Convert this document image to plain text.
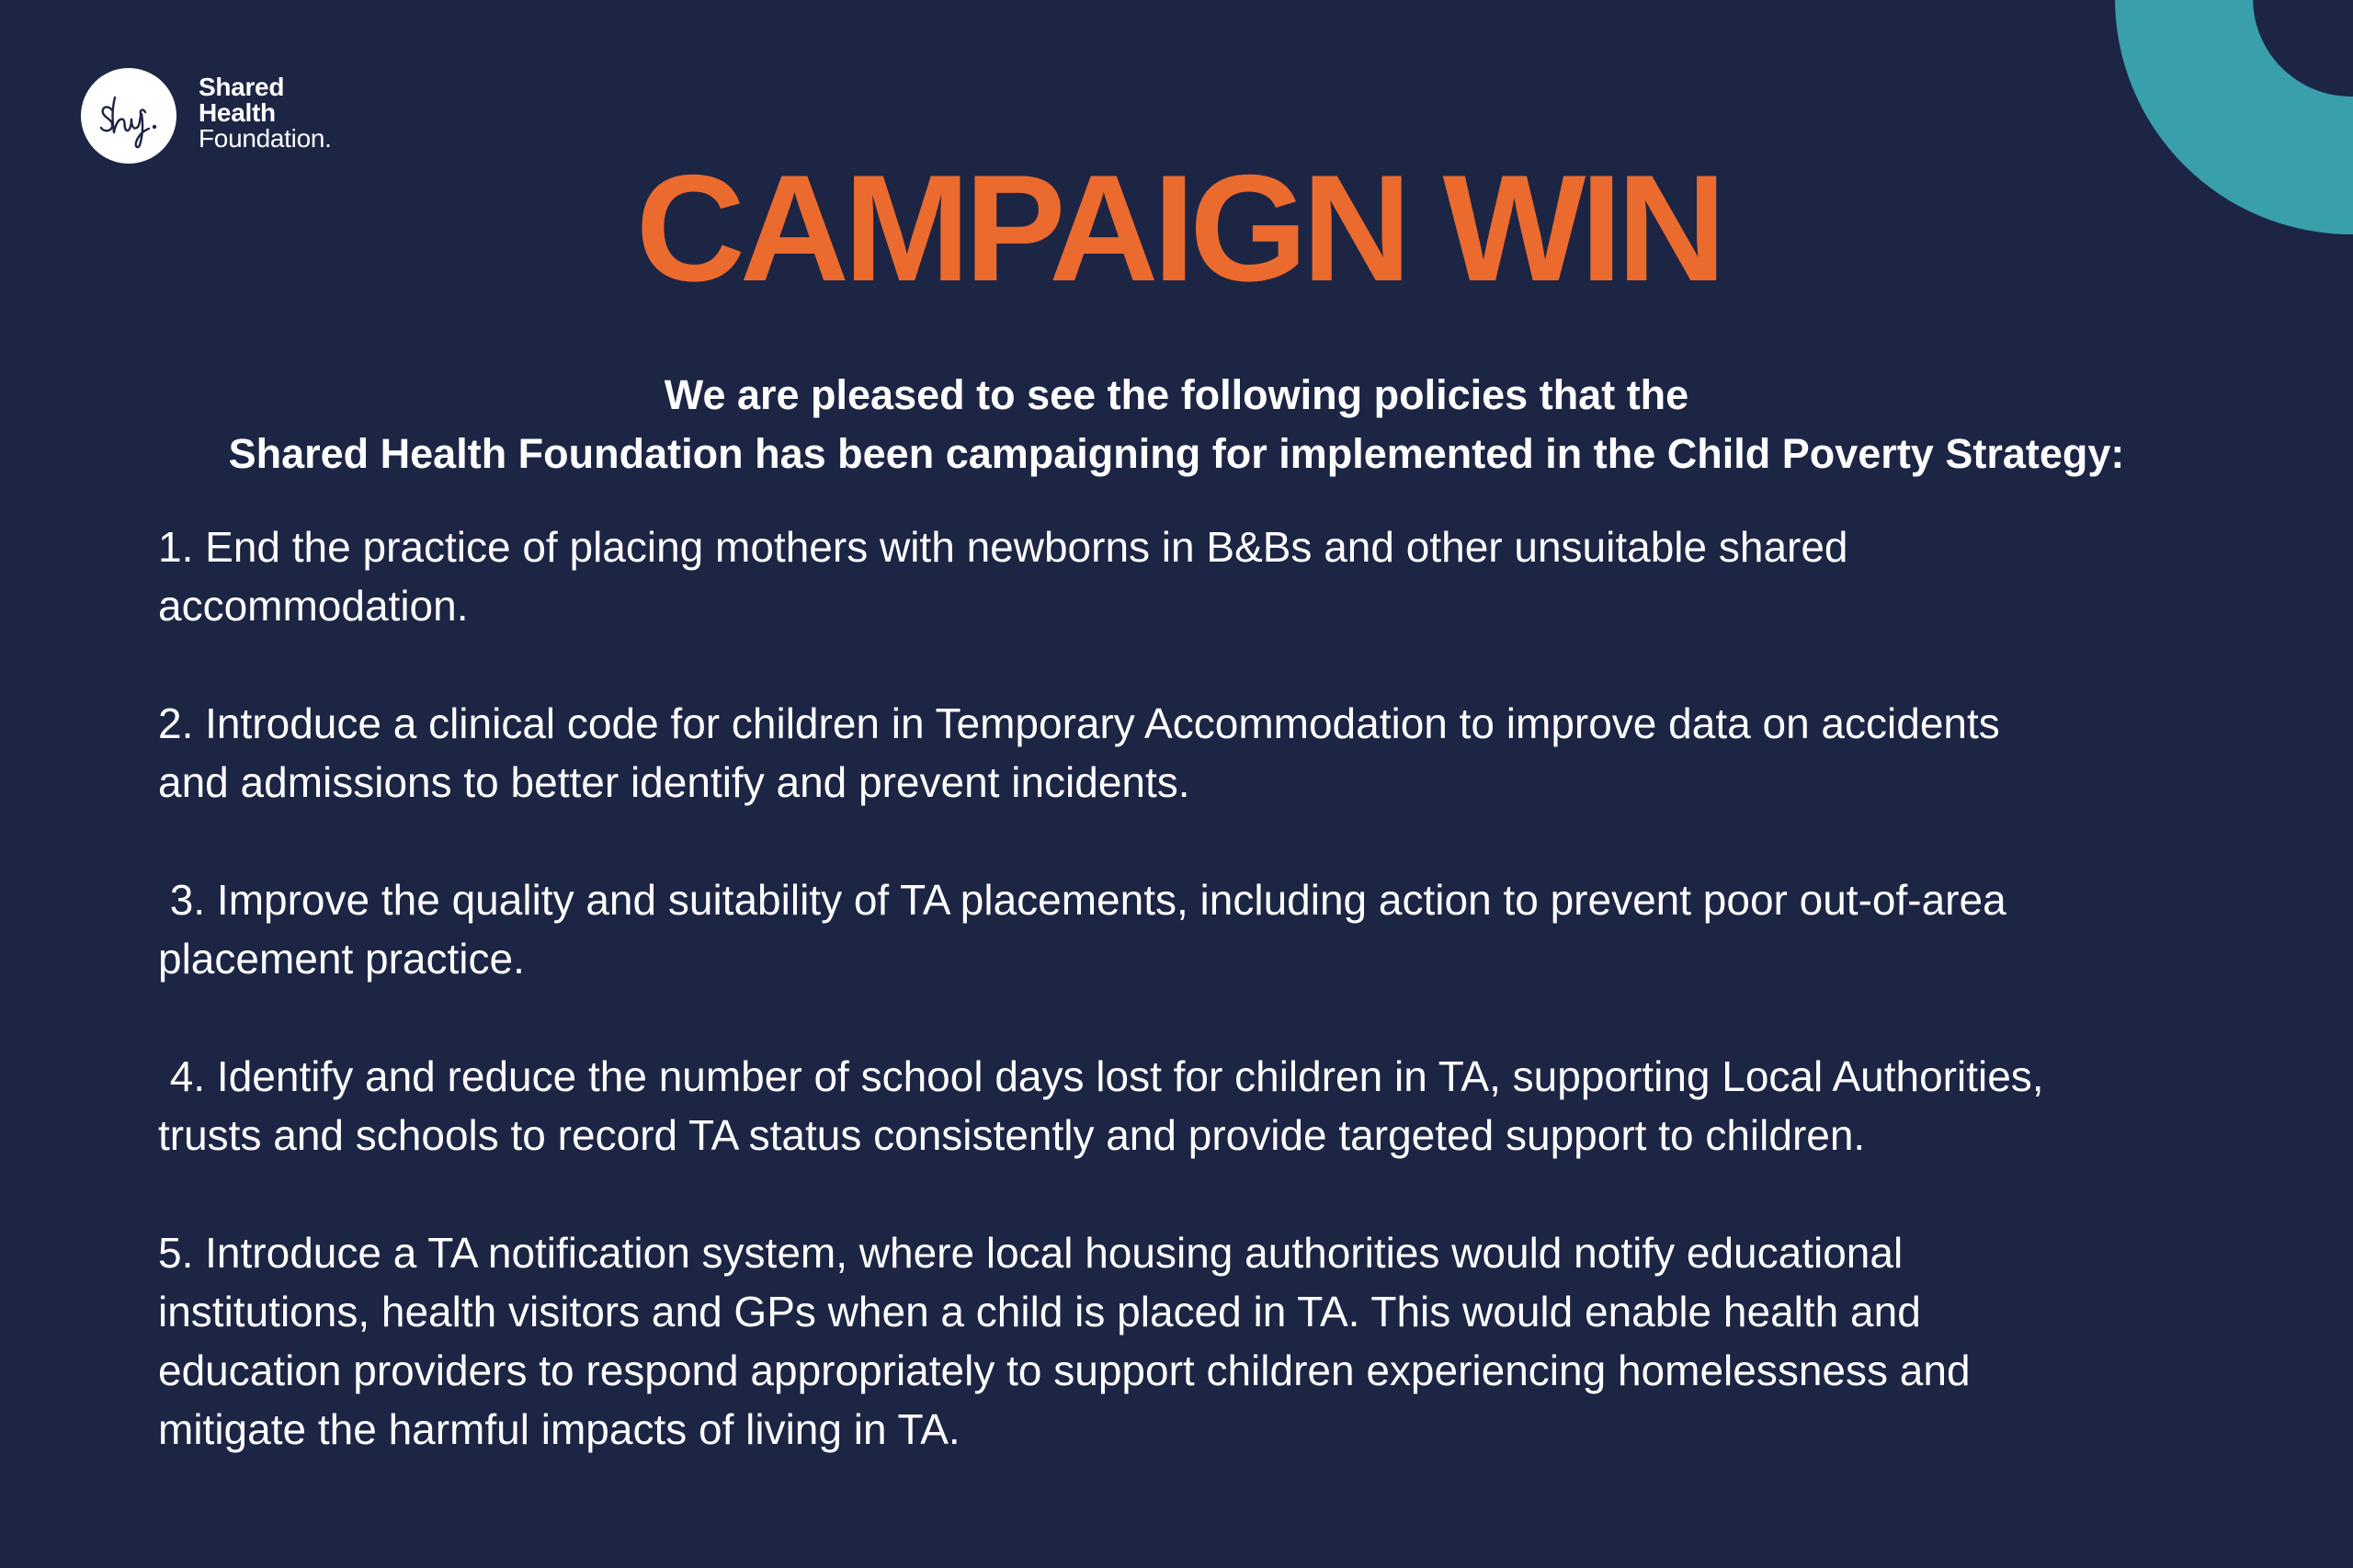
Shared
Health
Foundation.
CAMPAIGN WIN
We are pleased to see the following policies that the
Shared Health Foundation has been campaigning for implemented in the Child Poverty Strategy:
1. End the practice of placing mothers with newborns in B&Bs and other unsuitable shared
accommodation.
2. Introduce a clinical code for children in Temporary Accommodation to improve data on accidents
and admissions to better identify and prevent incidents.
3. Improve the quality and suitability of TA placements, including action to prevent poor out-of-area
placement practice.
4. Identify and reduce the number of school days lost for children in TA, supporting Local Authorities,
trusts and schools to record TA status consistently and provide targeted support to children.
5. Introduce a TA notification system, where local housing authorities would notify educational
institutions, health visitors and GPs when a child is placed in TA. This would enable health and
education providers to respond appropriately to support children experiencing homelessness and
mitigate the harmful impacts of living in TA.
